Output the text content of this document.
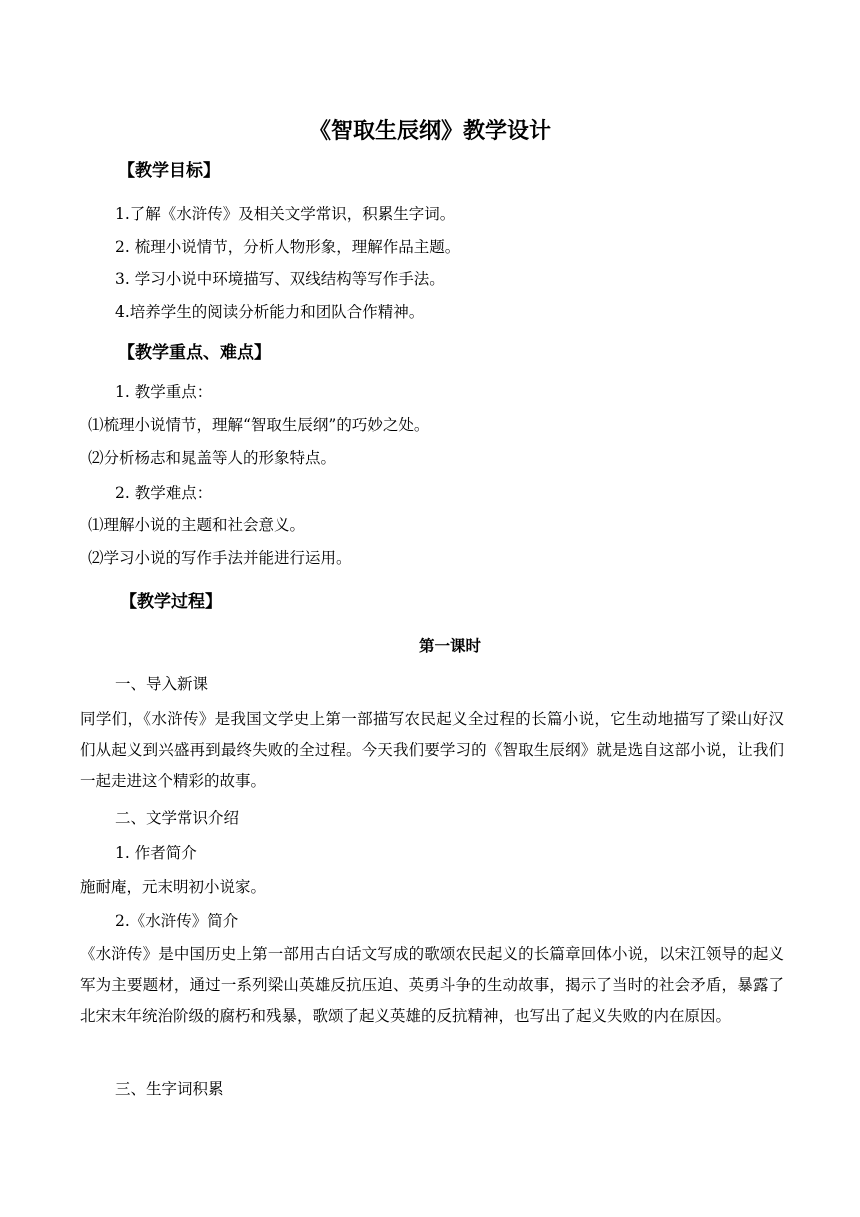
《智取生辰纲》教学设计
【教学目标】
1.了解《水浒传》及相关文学常识，积累生字词。
2. 梳理小说情节，分析人物形象，理解作品主题。
3. 学习小说中环境描写、双线结构等写作手法。
4.培养学生的阅读分析能力和团队合作精神。
【教学重点、难点】
1. 教学重点：
⑴梳理小说情节，理解“智取生辰纲”的巧妙之处。
⑵分析杨志和晁盖等人的形象特点。
2. 教学难点：
⑴理解小说的主题和社会意义。
⑵学习小说的写作手法并能进行运用。
【教学过程】
第一课时
一、导入新课
同学们，《水浒传》是我国文学史上第一部描写农民起义全过程的长篇小说，它生动地描写了梁山好汉们从起义到兴盛再到最终失败的全过程。今天我们要学习的《智取生辰纲》就是选自这部小说，让我们一起走进这个精彩的故事。
二、文学常识介绍
1. 作者简介
施耐庵，元末明初小说家。
2.《水浒传》简介
《水浒传》是中国历史上第一部用古白话文写成的歌颂农民起义的长篇章回体小说，以宋江领导的起义军为主要题材，通过一系列梁山英雄反抗压迫、英勇斗争的生动故事，揭示了当时的社会矛盾，暴露了北宋末年统治阶级的腐朽和残暴，歌颂了起义英雄的反抗精神，也写出了起义失败的内在原因。
三、生字词积累
